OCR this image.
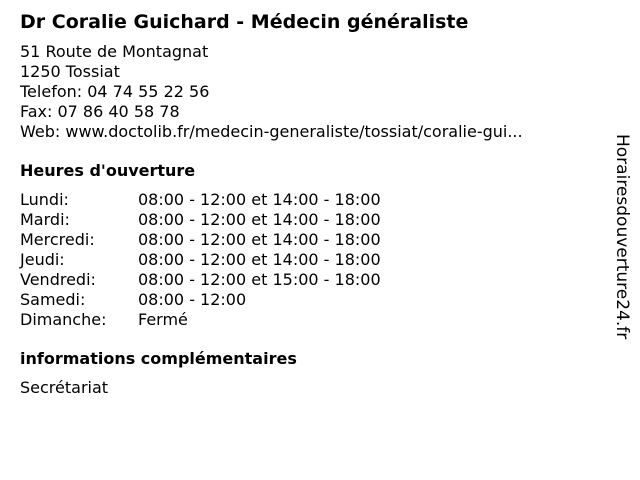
Dr Coralie Guichard - Médecin généraliste
51 Route de Montagnat
1250 Tossiat
Telefon: 04 74 55 22 56
Fax: 07 86 40 58 78
Web: www.doctolib.fr/medecin-generaliste/tossiat/coralie-gui...
Heures d'ouverture
Lundi:	08:00 - 12:00 et 14:00 - 18:00
Mardi:	08:00 - 12:00 et 14:00 - 18:00
Mercredi:	08:00 - 12:00 et 14:00 - 18:00
Jeudi:	08:00 - 12:00 et 14:00 - 18:00
Vendredi:	08:00 - 12:00 et 15:00 - 18:00
Samedi:	08:00 - 12:00
Dimanche:	Fermé
informations complémentaires
Secrétariat
Horairesdouverture24.fr
